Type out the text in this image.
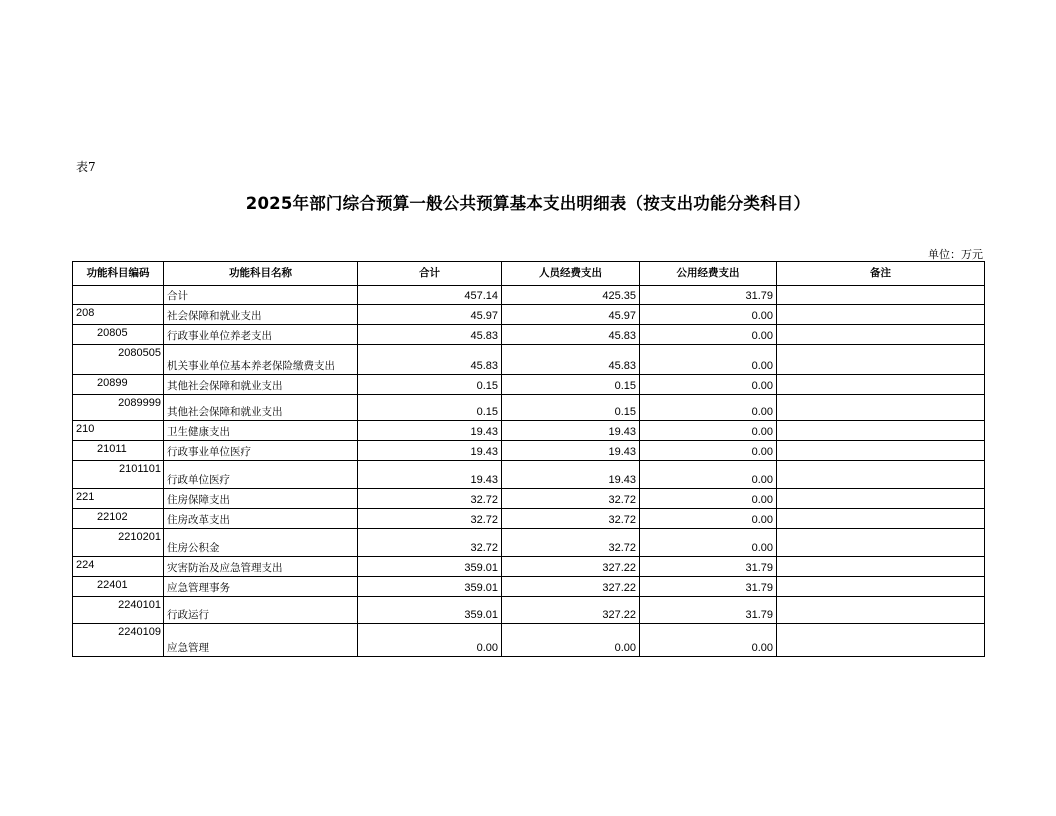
表7
2025年部门综合预算一般公共预算基本支出明细表（按支出功能分类科目）
单位：万元
功能科目编码	功能科目名称	合计	人员经费支出	公用经费支出	备注
	合计	457.14	425.35	31.79	
208	社会保障和就业支出	45.97	45.97	0.00	
20805	行政事业单位养老支出	45.83	45.83	0.00	
2080505	机关事业单位基本养老保险缴费支出	45.83	45.83	0.00	
20899	其他社会保障和就业支出	0.15	0.15	0.00	
2089999	其他社会保障和就业支出	0.15	0.15	0.00	
210	卫生健康支出	19.43	19.43	0.00	
21011	行政事业单位医疗	19.43	19.43	0.00	
2101101	行政单位医疗	19.43	19.43	0.00	
221	住房保障支出	32.72	32.72	0.00	
22102	住房改革支出	32.72	32.72	0.00	
2210201	住房公积金	32.72	32.72	0.00	
224	灾害防治及应急管理支出	359.01	327.22	31.79	
22401	应急管理事务	359.01	327.22	31.79	
2240101	行政运行	359.01	327.22	31.79	
2240109	应急管理	0.00	0.00	0.00	
